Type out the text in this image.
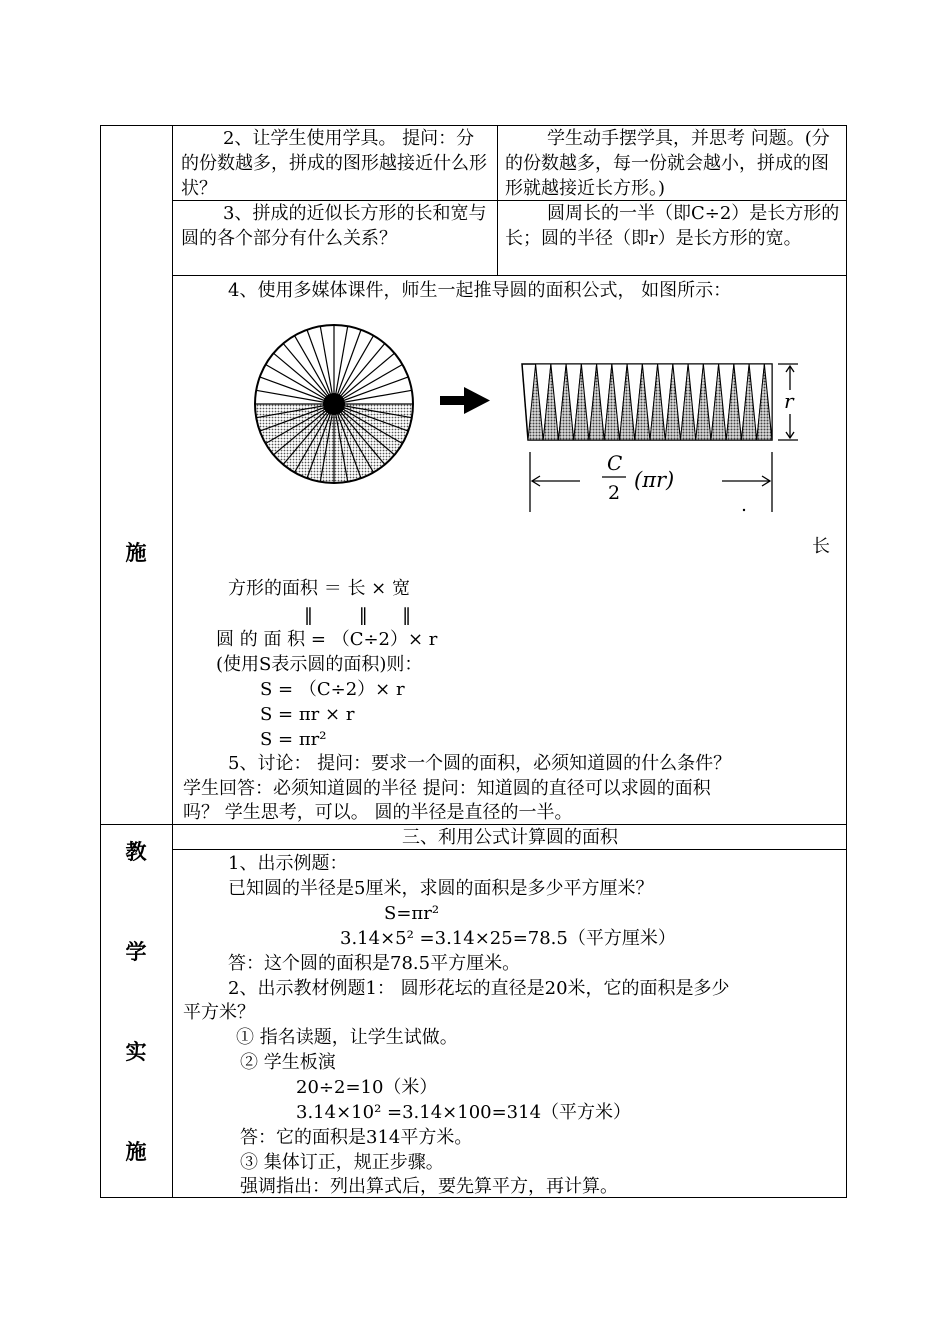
施
教
学
实
施
2、让学生使用学具。 提问：分的份数越多，拼成的图形越接近什么形状？
学生动手摆学具，并思考 问题。(分的份数越多，每一份就会越小，拼成的图形就越接近长方形。)
3、拼成的近似长方形的长和宽与圆的各个部分有什么关系？
圆周长的一半（即C÷2）是长方形的长；圆的半径（即r）是长方形的宽。
4、使用多媒体课件，师生一起推导圆的面积公式， 如图所示：
r
C
2
(πr)
长
方形的面积 ＝ 长 × 宽
‖        ‖      ‖
圆 的 面 积 = （C÷2）× r
(使用S表示圆的面积)则：
S = （C÷2）× r
S = πr × r
S = πr²
5、讨论： 提问：要求一个圆的面积，必须知道圆的什么条件？
学生回答：必须知道圆的半径 提问：知道圆的直径可以求圆的面积
吗？ 学生思考，可以。 圆的半径是直径的一半。
三、利用公式计算圆的面积
1、出示例题：
已知圆的半径是5厘米，求圆的面积是多少平方厘米？
S=πr²
3.14×5² =3.14×25=78.5（平方厘米）
答：这个圆的面积是78.5平方厘米。
2、出示教材例题1： 圆形花坛的直径是20米，它的面积是多少
平方米？
① 指名读题，让学生试做。
② 学生板演
20÷2=10（米）
3.14×10² =3.14×100=314（平方米）
答：它的面积是314平方米。
③ 集体订正，规正步骤。
强调指出：列出算式后，要先算平方，再计算。
